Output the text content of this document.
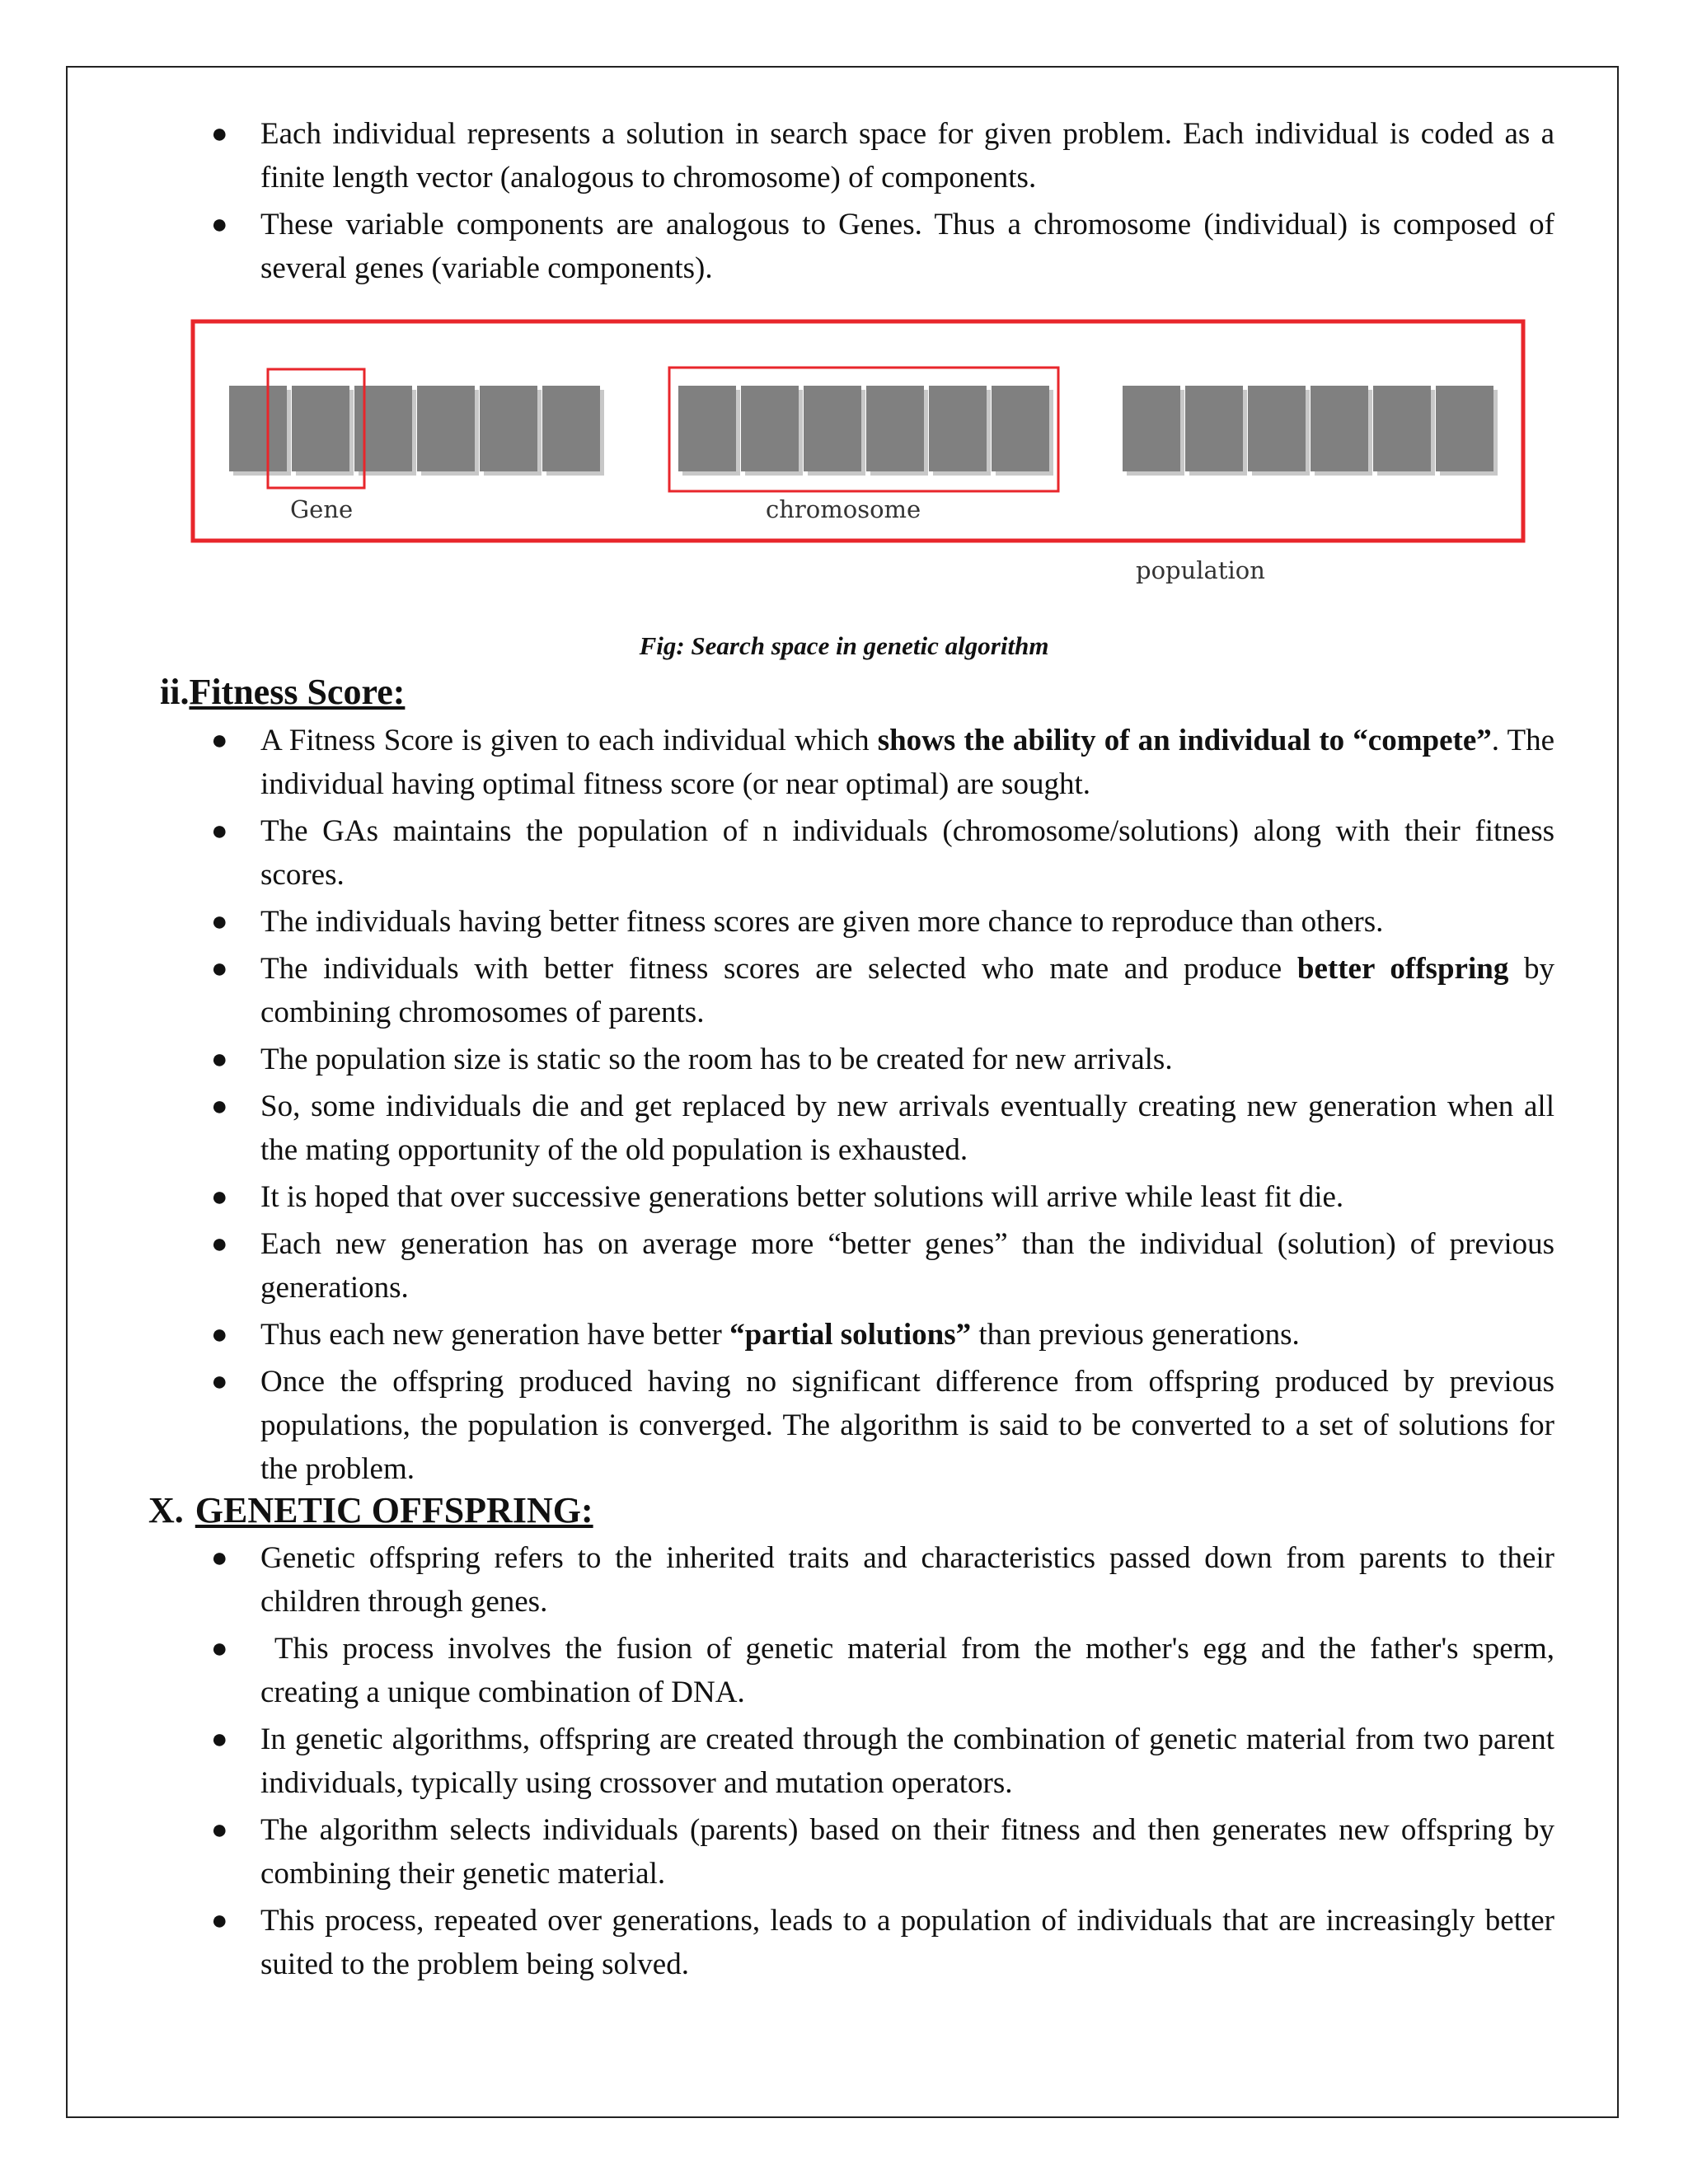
● Each individual represents a solution in search space for given problem. Each individual is coded as a finite length vector (analogous to chromosome) of components.
● These variable components are analogous to Genes. Thus a chromosome (individual) is composed of several genes (variable components).
Gene	chromosome
population
Fig: Search space in genetic algorithm
ii.Fitness Score:
● A Fitness Score is given to each individual which shows the ability of an individual to “compete”. The individual having optimal fitness score (or near optimal) are sought.
● The GAs maintains the population of n individuals (chromosome/solutions) along with their fitness scores.
● The individuals having better fitness scores are given more chance to reproduce than others.
● The individuals with better fitness scores are selected who mate and produce better offspring by combining chromosomes of parents.
● The population size is static so the room has to be created for new arrivals.
● So, some individuals die and get replaced by new arrivals eventually creating new generation when all the mating opportunity of the old population is exhausted.
● It is hoped that over successive generations better solutions will arrive while least fit die.
● Each new generation has on average more “better genes” than the individual (solution) of previous generations.
● Thus each new generation have better “partial solutions” than previous generations.
● Once the offspring produced having no significant difference from offspring produced by previous populations, the population is converged. The algorithm is said to be converted to a set of solutions for the problem.
X. GENETIC OFFSPRING:
● Genetic offspring refers to the inherited traits and characteristics passed down from parents to their children through genes.
● This process involves the fusion of genetic material from the mother's egg and the father's sperm, creating a unique combination of DNA.
● In genetic algorithms, offspring are created through the combination of genetic material from two parent individuals, typically using crossover and mutation operators.
● The algorithm selects individuals (parents) based on their fitness and then generates new offspring by combining their genetic material.
● This process, repeated over generations, leads to a population of individuals that are increasingly better suited to the problem being solved.
